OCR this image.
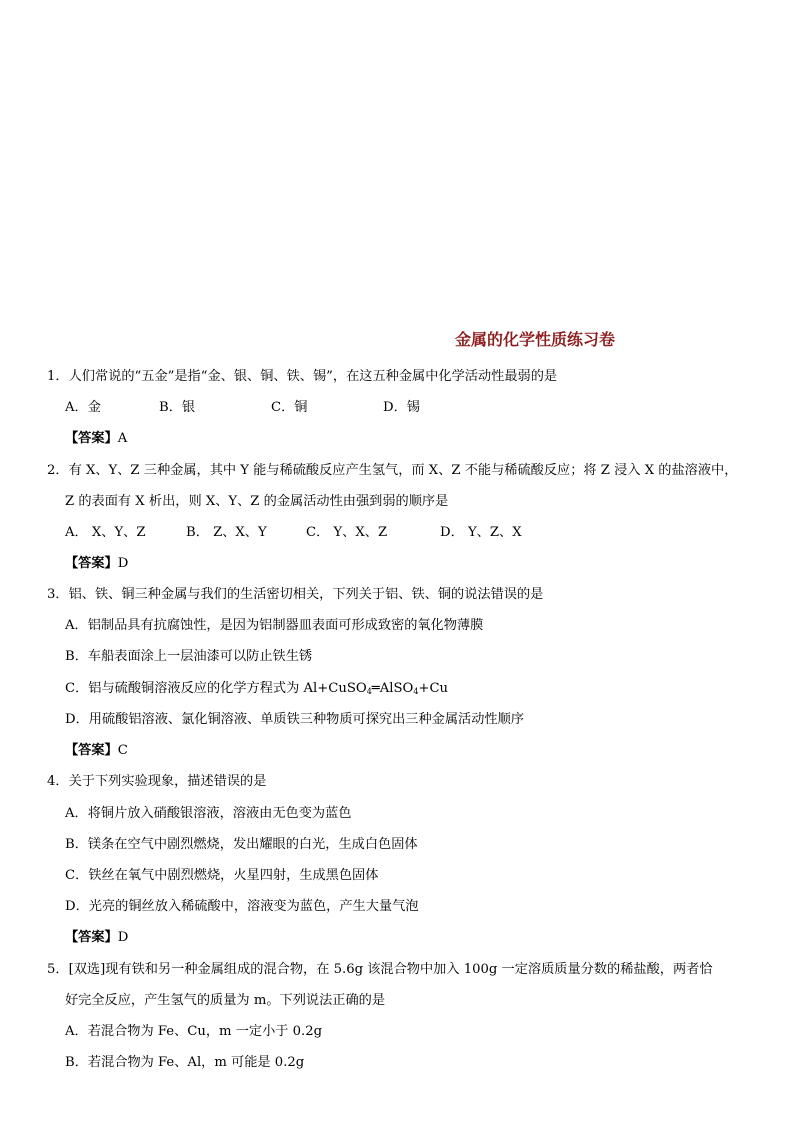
金属的化学性质练习卷
1．人们常说的“五金”是指“金、银、铜、铁、锡”，在这五种金属中化学活动性最弱的是
A．金	B．银	C．铜	D．锡
【答案】A
2．有 X、Y、Z 三种金属，其中 Y 能与稀硫酸反应产生氢气，而 X、Z 不能与稀硫酸反应；将 Z 浸入 X 的盐溶液中，
Z 的表面有 X 析出，则 X、Y、Z 的金属活动性由强到弱的顺序是
A． X、Y、Z	B． Z、X、Y	C． Y、X、Z	D． Y、Z、X
【答案】D
3．铝、铁、铜三种金属与我们的生活密切相关，下列关于铝、铁、铜的说法错误的是
A．铝制品具有抗腐蚀性，是因为铝制器皿表面可形成致密的氧化物薄膜
B．车船表面涂上一层油漆可以防止铁生锈
C．铝与硫酸铜溶液反应的化学方程式为 Al+CuSO$_4$═AlSO$_4$+Cu
D．用硫酸铝溶液、氯化铜溶液、单质铁三种物质可探究出三种金属活动性顺序
【答案】C
4．关于下列实验现象，描述错误的是
A．将铜片放入硝酸银溶液，溶液由无色变为蓝色
B．镁条在空气中剧烈燃烧，发出耀眼的白光，生成白色固体
C．铁丝在氧气中剧烈燃烧，火星四射，生成黑色固体
D．光亮的铜丝放入稀硫酸中，溶液变为蓝色，产生大量气泡
【答案】D
5．[双选]现有铁和另一种金属组成的混合物，在 5.6g 该混合物中加入 100g 一定溶质质量分数的稀盐酸，两者恰
好完全反应，产生氢气的质量为 m。下列说法正确的是
A．若混合物为 Fe、Cu，m 一定小于 0.2g
B．若混合物为 Fe、Al，m 可能是 0.2g
